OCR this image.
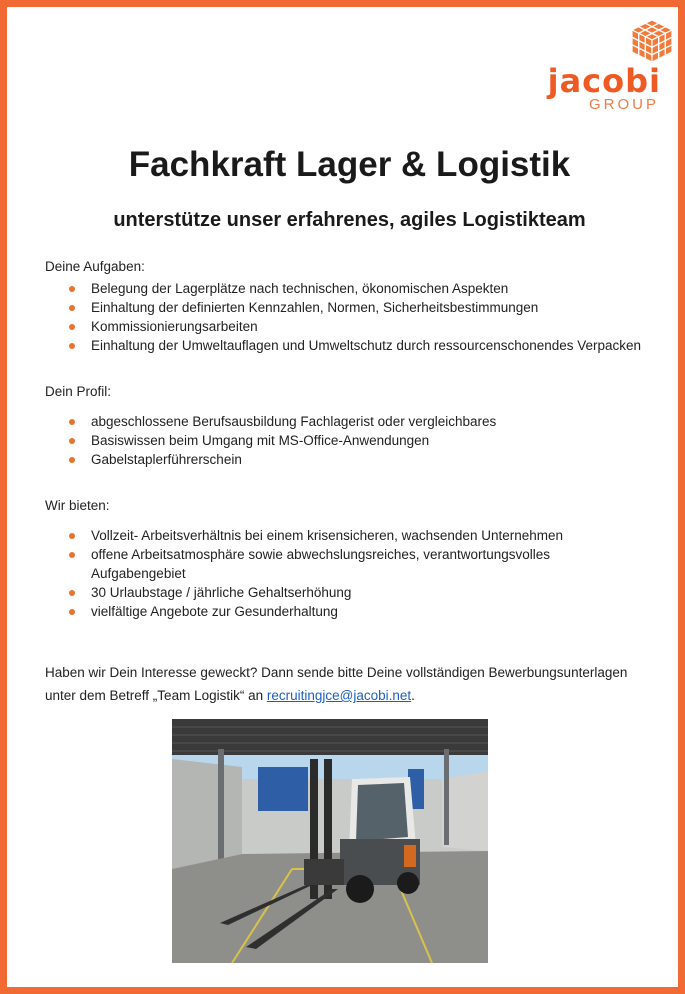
jacobi
GROUP
Fachkraft Lager & Logistik
unterstütze unser erfahrenes, agiles Logistikteam
Deine Aufgaben:
Belegung der Lagerplätze nach technischen, ökonomischen Aspekten
Einhaltung der definierten Kennzahlen, Normen, Sicherheitsbestimmungen
Kommissionierungsarbeiten
Einhaltung der Umweltauflagen und Umweltschutz durch ressourcenschonendes Verpacken
Dein Profil:
abgeschlossene Berufsausbildung Fachlagerist oder vergleichbares
Basiswissen beim Umgang mit MS-Office-Anwendungen
Gabelstaplerführerschein
Wir bieten:
Vollzeit- Arbeitsverhältnis bei einem krisensicheren, wachsenden Unternehmen
offene Arbeitsatmosphäre sowie abwechslungsreiches, verantwortungsvolles Aufgabengebiet
30 Urlaubstage / jährliche Gehaltserhöhung
vielfältige Angebote zur Gesunderhaltung
Haben wir Dein Interesse geweckt? Dann sende bitte Deine vollständigen Bewerbungsunterlagen
unter dem Betreff „Team Logistik“ an recruitingjce@jacobi.net.
